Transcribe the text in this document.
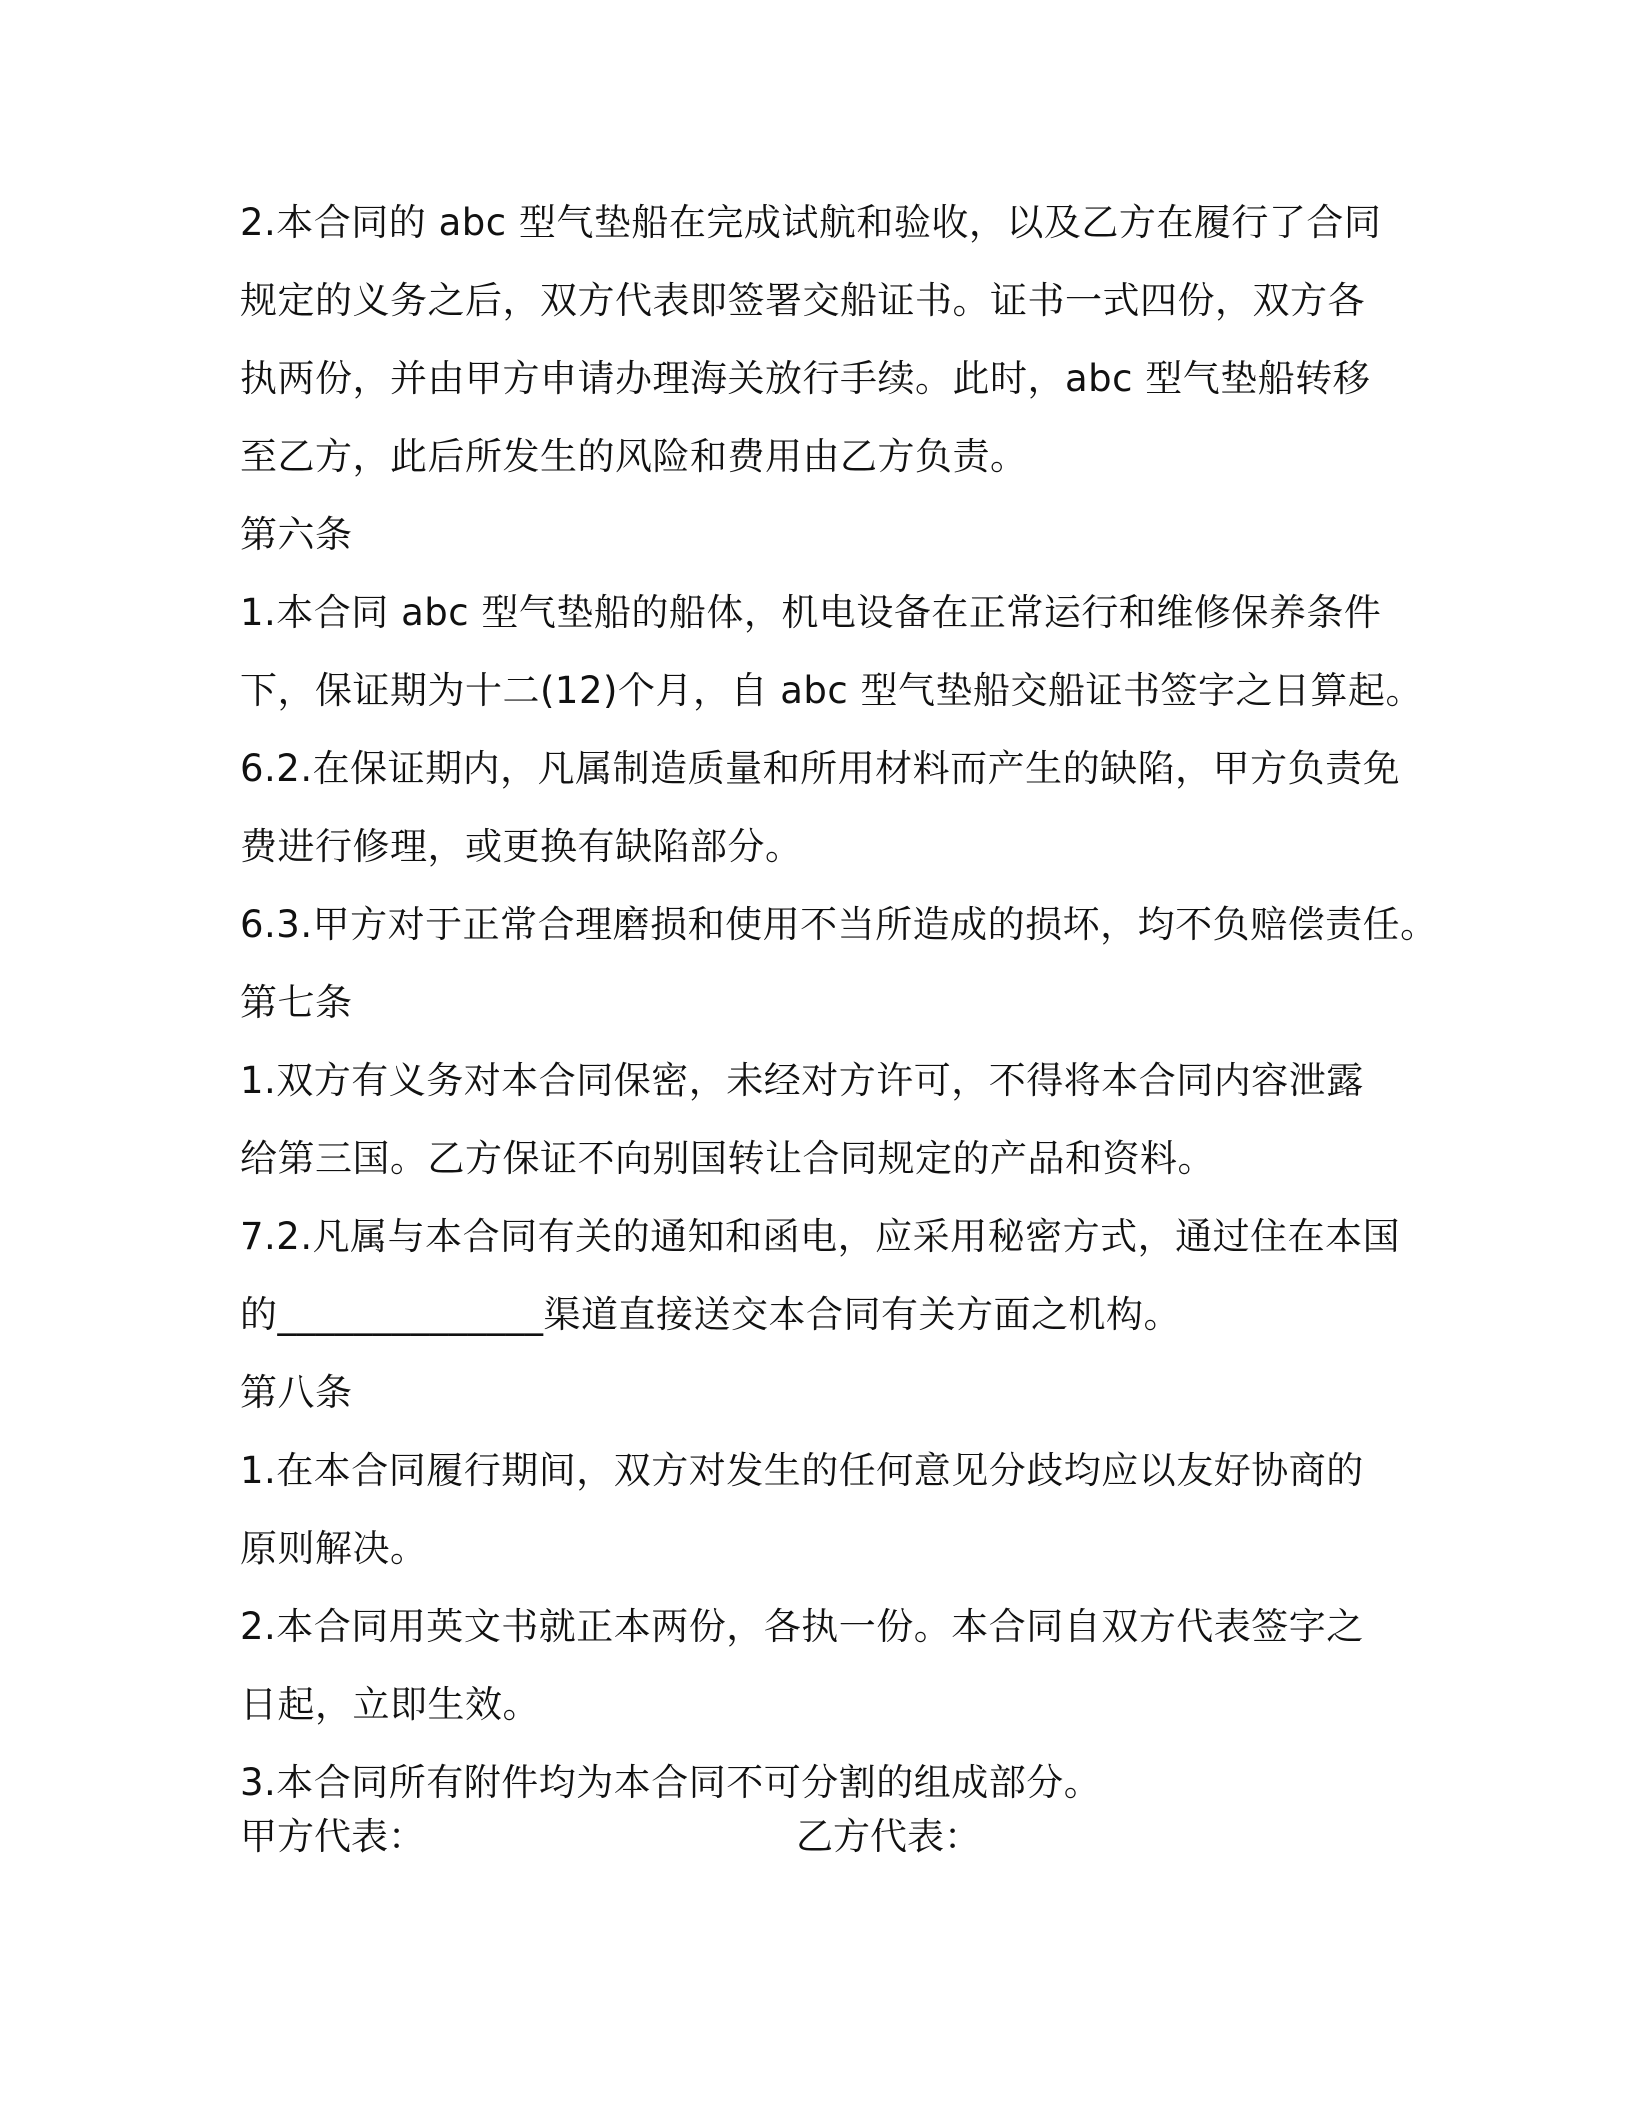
2.本合同的 abc 型气垫船在完成试航和验收，以及乙方在履行了合同
规定的义务之后，双方代表即签署交船证书。证书一式四份，双方各
执两份，并由甲方申请办理海关放行手续。此时，abc 型气垫船转移
至乙方，此后所发生的风险和费用由乙方负责。
第六条
1.本合同 abc 型气垫船的船体，机电设备在正常运行和维修保养条件
下，保证期为十二(12)个月，自 abc 型气垫船交船证书签字之日算起。
6.2.在保证期内，凡属制造质量和所用材料而产生的缺陷，甲方负责免
费进行修理，或更换有缺陷部分。
6.3.甲方对于正常合理磨损和使用不当所造成的损坏，均不负赔偿责任。
第七条
1.双方有义务对本合同保密，未经对方许可，不得将本合同内容泄露
给第三国。乙方保证不向别国转让合同规定的产品和资料。
7.2.凡属与本合同有关的通知和函电，应采用秘密方式，通过住在本国
的______________渠道直接送交本合同有关方面之机构。
第八条
1.在本合同履行期间，双方对发生的任何意见分歧均应以友好协商的
原则解决。
2.本合同用英文书就正本两份，各执一份。本合同自双方代表签字之
日起，立即生效。
3.本合同所有附件均为本合同不可分割的组成部分。
甲方代表：	乙方代表：
